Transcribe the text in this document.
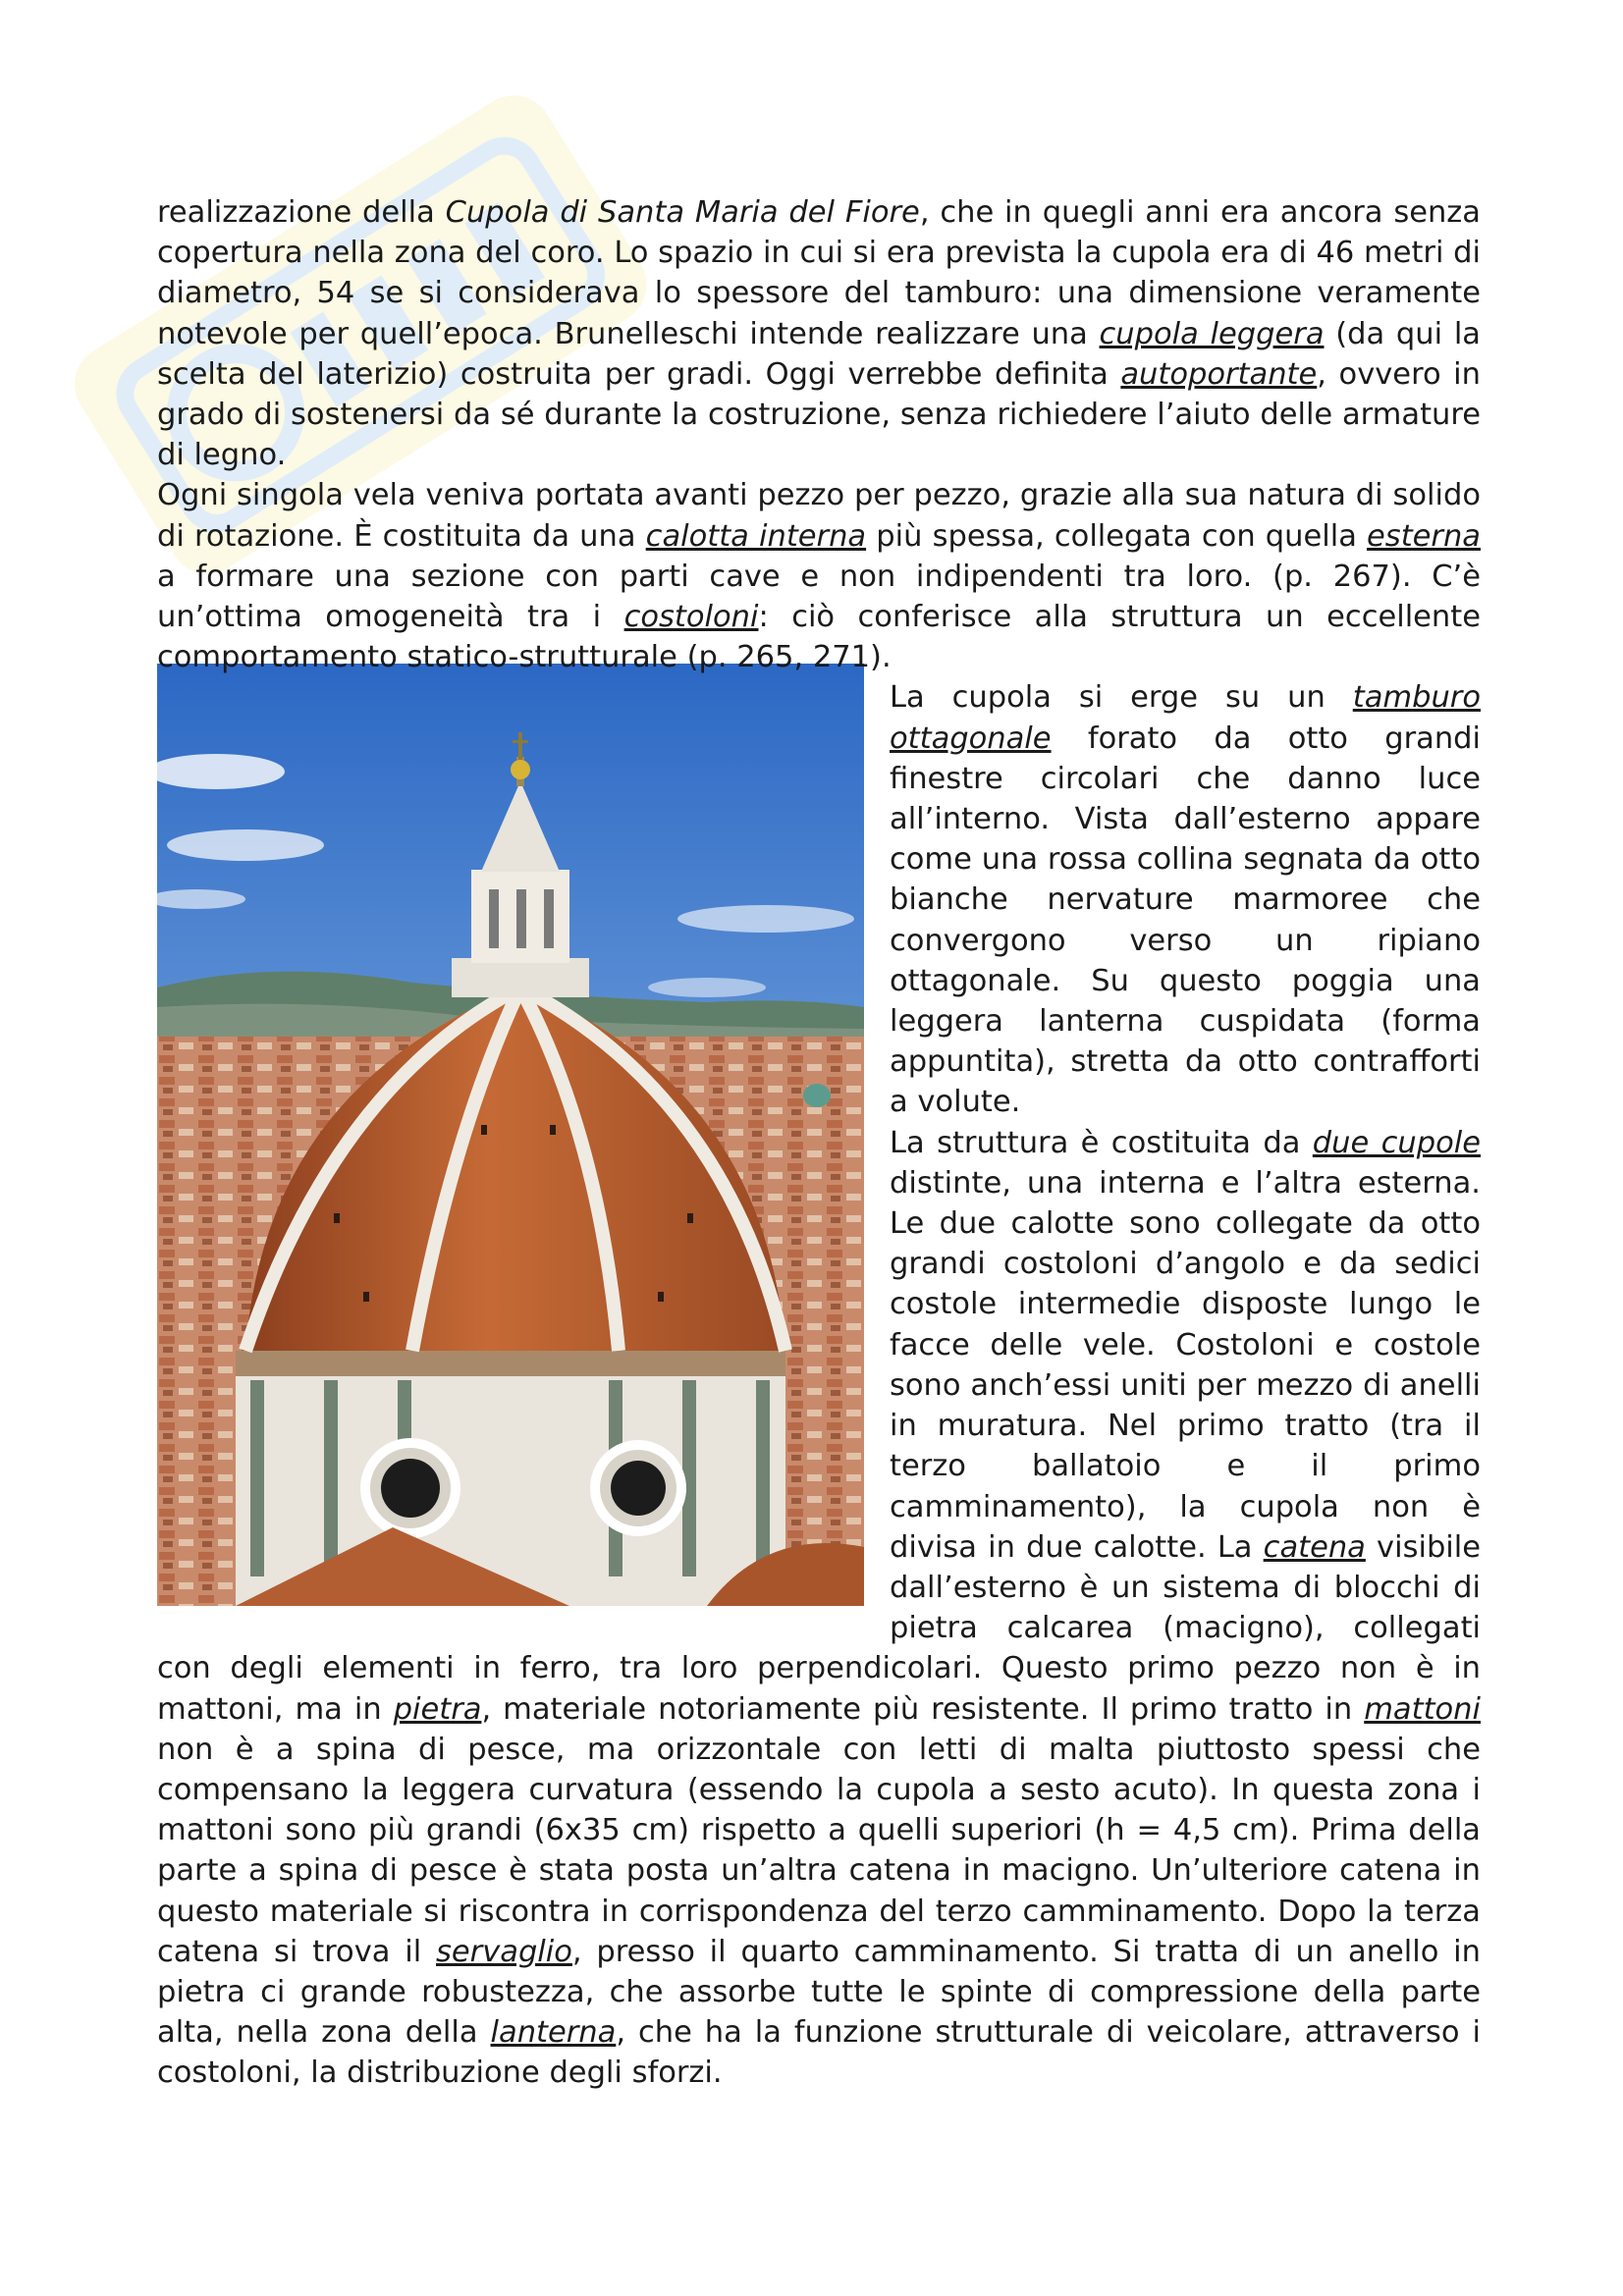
realizzazione della Cupola di Santa Maria del Fiore, che in quegli anni era ancora senza copertura nella zona del coro. Lo spazio in cui si era prevista la cupola era di 46 metri di diametro, 54 se si considerava lo spessore del tamburo: una dimensione veramente notevole per quell’epoca. Brunelleschi intende realizzare una cupola leggera (da qui la scelta del laterizio) costruita per gradi. Oggi verrebbe definita autoportante, ovvero in grado di sostenersi da sé durante la costruzione, senza richiedere l’aiuto delle armature di legno.

Ogni singola vela veniva portata avanti pezzo per pezzo, grazie alla sua natura di solido di rotazione. È costituita da una calotta interna più spessa, collegata con quella esterna a formare una sezione con parti cave e non indipendenti tra loro. (p. 267). C’è un’ottima omogeneità tra i costoloni: ciò conferisce alla struttura un eccellente comportamento statico-strutturale (p. 265, 271).

La cupola si erge su un tamburo ottagonale forato da otto grandi finestre circolari che danno luce all’interno. Vista dall’esterno appare come una rossa collina segnata da otto bianche nervature marmoree che convergono verso un ripiano ottagonale. Su questo poggia una leggera lanterna cuspidata (forma appuntita), stretta da otto contrafforti a volute.

La struttura è costituita da due cupole distinte, una interna e l’altra esterna. Le due calotte sono collegate da otto grandi costoloni d’angolo e da sedici costole intermedie disposte lungo le facce delle vele. Costoloni e costole sono anch’essi uniti per mezzo di anelli in muratura. Nel primo tratto (tra il terzo ballatoio e il primo camminamento), la cupola non è divisa in due calotte. La catena visibile dall’esterno è un sistema di blocchi di pietra calcarea (macigno), collegati con degli elementi in ferro, tra loro perpendicolari. Questo primo pezzo non è in mattoni, ma in pietra, materiale notoriamente più resistente. Il primo tratto in mattoni non è a spina di pesce, ma orizzontale con letti di malta piuttosto spessi che compensano la leggera curvatura (essendo la cupola a sesto acuto). In questa zona i mattoni sono più grandi (6x35 cm) rispetto a quelli superiori (h = 4,5 cm). Prima della parte a spina di pesce è stata posta un’altra catena in macigno. Un’ulteriore catena in questo materiale si riscontra in corrispondenza del terzo camminamento. Dopo la terza catena si trova il servaglio, presso il quarto camminamento. Si tratta di un anello in pietra ci grande robustezza, che assorbe tutte le spinte di compressione della parte alta, nella zona della lanterna, che ha la funzione strutturale di veicolare, attraverso i costoloni, la distribuzione degli sforzi.
